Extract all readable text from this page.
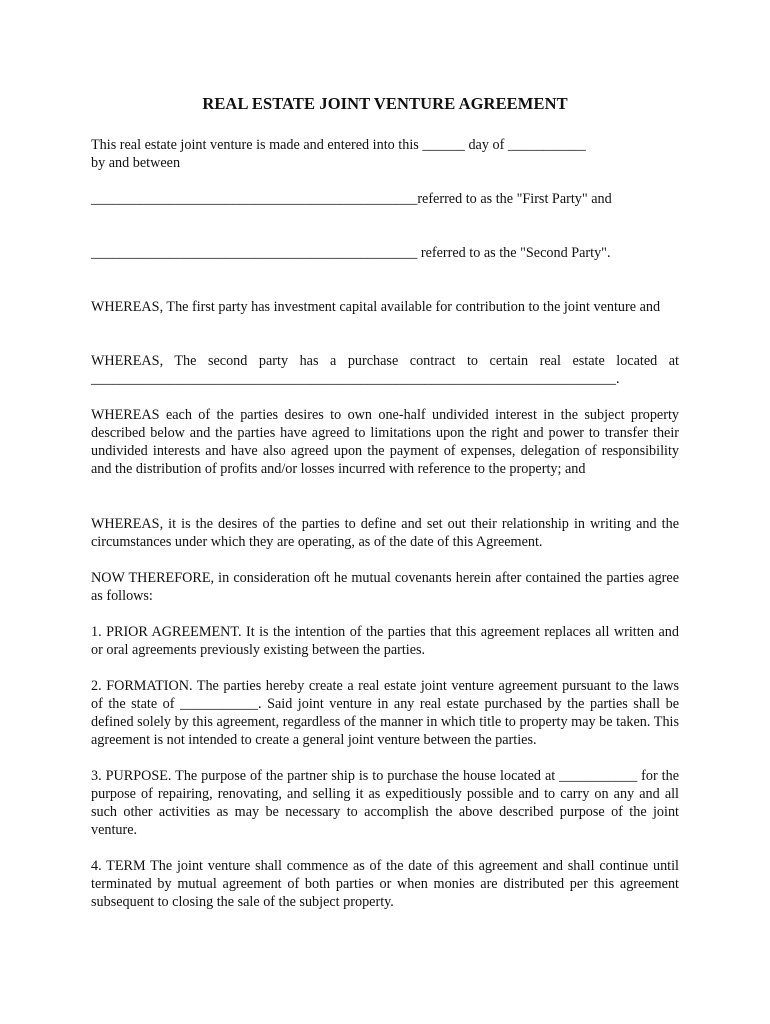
REAL ESTATE JOINT VENTURE AGREEMENT
This real estate joint venture is made and entered into this ______ day of ___________
by and between
______________________________________________referred to as the "First Party" and
______________________________________________ referred to as the "Second Party".
WHEREAS, The first party has investment capital available for contribution to the joint venture and
WHEREAS, The second party has a purchase contract to certain real estate located at __________________________________________________________________________.
WHEREAS each of the parties desires to own one-half undivided interest in the subject property described below and the parties have agreed to limitations upon the right and power to transfer their undivided interests and have also agreed upon the payment of expenses, delegation of responsibility and the distribution of profits and/or losses incurred with reference to the property; and
WHEREAS, it is the desires of the parties to define and set out their relationship in writing and the circumstances under which they are operating, as of the date of this Agreement.
NOW THEREFORE, in consideration oft he mutual covenants herein after contained the parties agree as follows:
1. PRIOR AGREEMENT. It is the intention of the parties that this agreement replaces all written and or oral agreements previously existing between the parties.
2. FORMATION. The parties hereby create a real estate joint venture agreement pursuant to the laws of the state of ___________. Said joint venture in any real estate purchased by the parties shall be defined solely by this agreement, regardless of the manner in which title to property may be taken. This agreement is not intended to create a general joint venture between the parties.
3. PURPOSE. The purpose of the partner ship is to purchase the house located at ___________ for the purpose of repairing, renovating, and selling it as expeditiously possible and to carry on any and all such other activities as may be necessary to accomplish the above described purpose of the joint venture.
4. TERM The joint venture shall commence as of the date of this agreement and shall continue until terminated by mutual agreement of both parties or when monies are distributed per this agreement subsequent to closing the sale of the subject property.
